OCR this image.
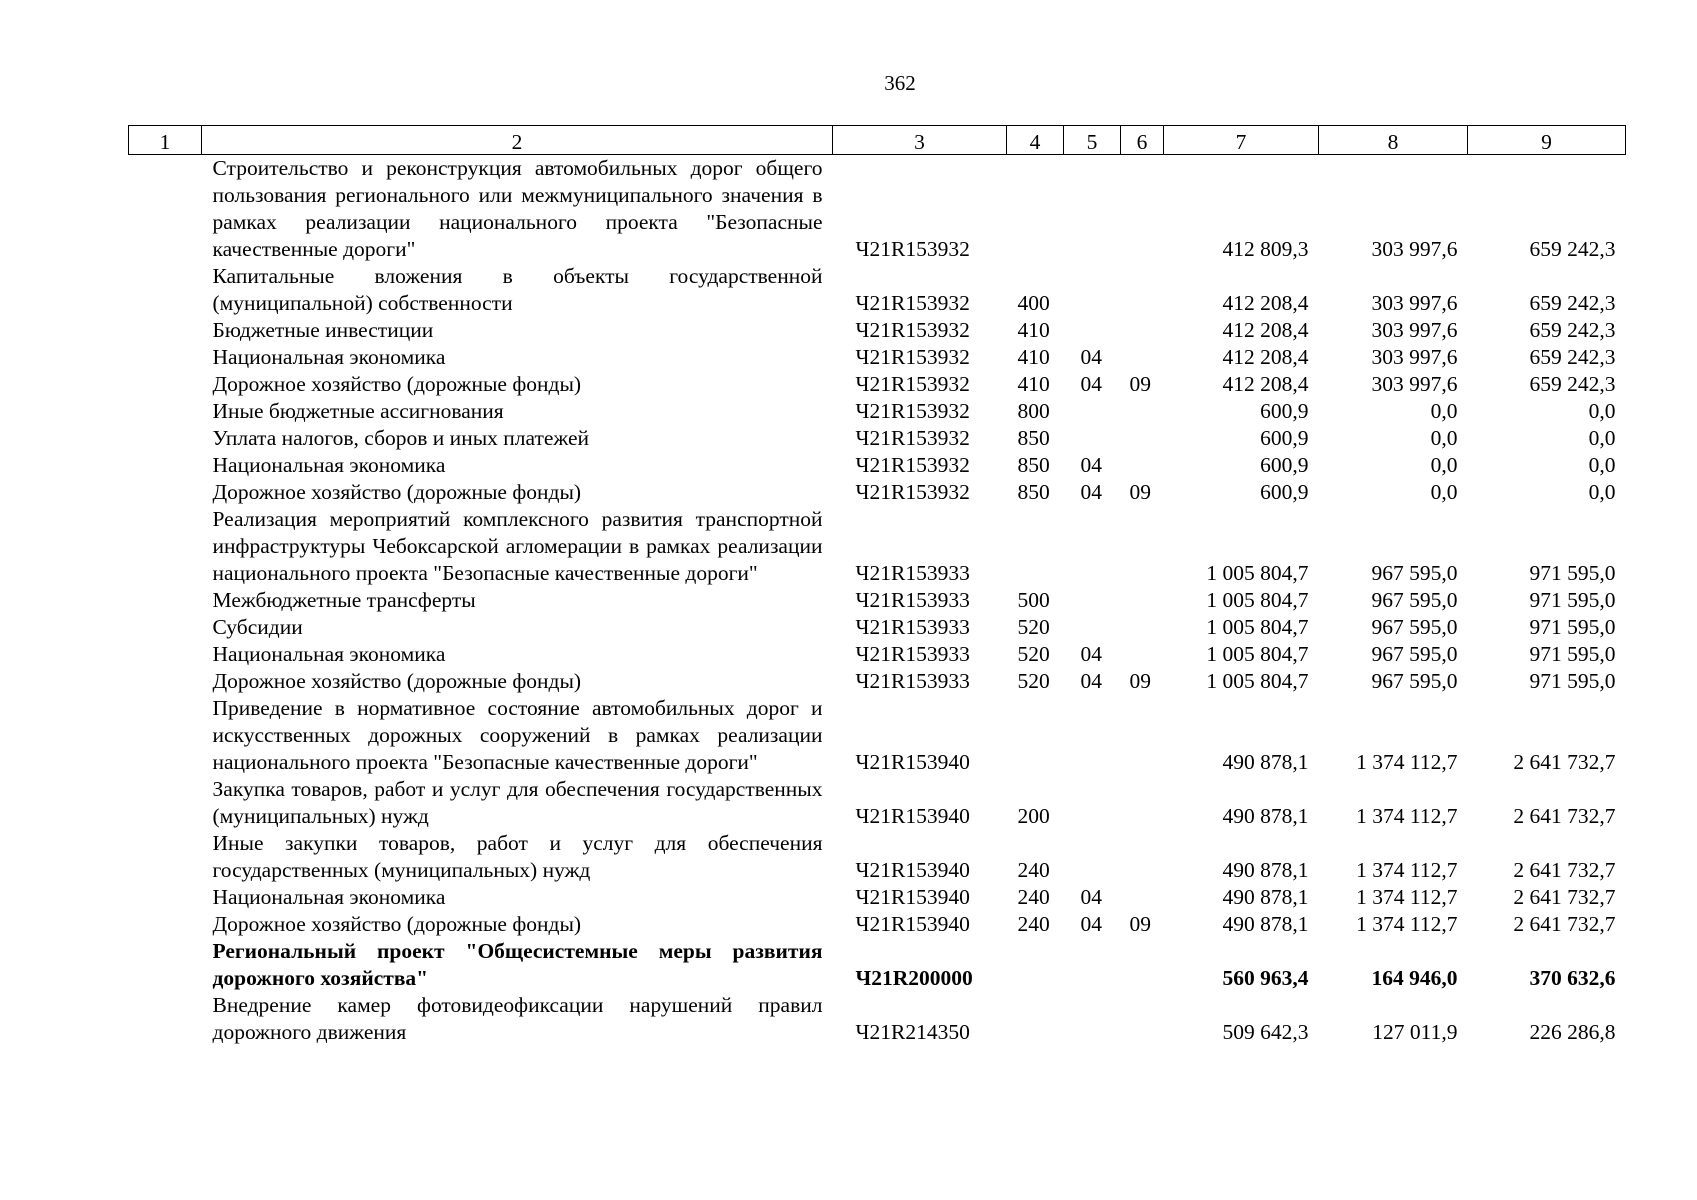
362
1	2	3	4	5	6	7	8	9
	Строительство и реконструкция автомобильных дорог общего пользования регионального или межмуниципального значения в рамках реализации национального проекта "Безопасные качественные дороги"	Ч21R153932				412 809,3	303 997,6	659 242,3
	Капитальные вложения в объекты государственной (муниципальной) собственности	Ч21R153932	400			412 208,4	303 997,6	659 242,3
	Бюджетные инвестиции	Ч21R153932	410			412 208,4	303 997,6	659 242,3
	Национальная экономика	Ч21R153932	410	04		412 208,4	303 997,6	659 242,3
	Дорожное хозяйство (дорожные фонды)	Ч21R153932	410	04	09	412 208,4	303 997,6	659 242,3
	Иные бюджетные ассигнования	Ч21R153932	800			600,9	0,0	0,0
	Уплата налогов, сборов и иных платежей	Ч21R153932	850			600,9	0,0	0,0
	Национальная экономика	Ч21R153932	850	04		600,9	0,0	0,0
	Дорожное хозяйство (дорожные фонды)	Ч21R153932	850	04	09	600,9	0,0	0,0
	Реализация мероприятий комплексного развития транспортной инфраструктуры Чебоксарской агломерации в рамках реализации национального проекта "Безопасные качественные дороги"	Ч21R153933				1 005 804,7	967 595,0	971 595,0
	Межбюджетные трансферты	Ч21R153933	500			1 005 804,7	967 595,0	971 595,0
	Субсидии	Ч21R153933	520			1 005 804,7	967 595,0	971 595,0
	Национальная экономика	Ч21R153933	520	04		1 005 804,7	967 595,0	971 595,0
	Дорожное хозяйство (дорожные фонды)	Ч21R153933	520	04	09	1 005 804,7	967 595,0	971 595,0
	Приведение в нормативное состояние автомобильных дорог и искусственных дорожных сооружений в рамках реализации национального проекта "Безопасные качественные дороги"	Ч21R153940				490 878,1	1 374 112,7	2 641 732,7
	Закупка товаров, работ и услуг для обеспечения государственных (муниципальных) нужд	Ч21R153940	200			490 878,1	1 374 112,7	2 641 732,7
	Иные закупки товаров, работ и услуг для обеспечения государственных (муниципальных) нужд	Ч21R153940	240			490 878,1	1 374 112,7	2 641 732,7
	Национальная экономика	Ч21R153940	240	04		490 878,1	1 374 112,7	2 641 732,7
	Дорожное хозяйство (дорожные фонды)	Ч21R153940	240	04	09	490 878,1	1 374 112,7	2 641 732,7
	Региональный проект "Общесистемные меры развития дорожного хозяйства"	Ч21R200000				560 963,4	164 946,0	370 632,6
	Внедрение камер фотовидеофиксации нарушений правил дорожного движения	Ч21R214350				509 642,3	127 011,9	226 286,8
